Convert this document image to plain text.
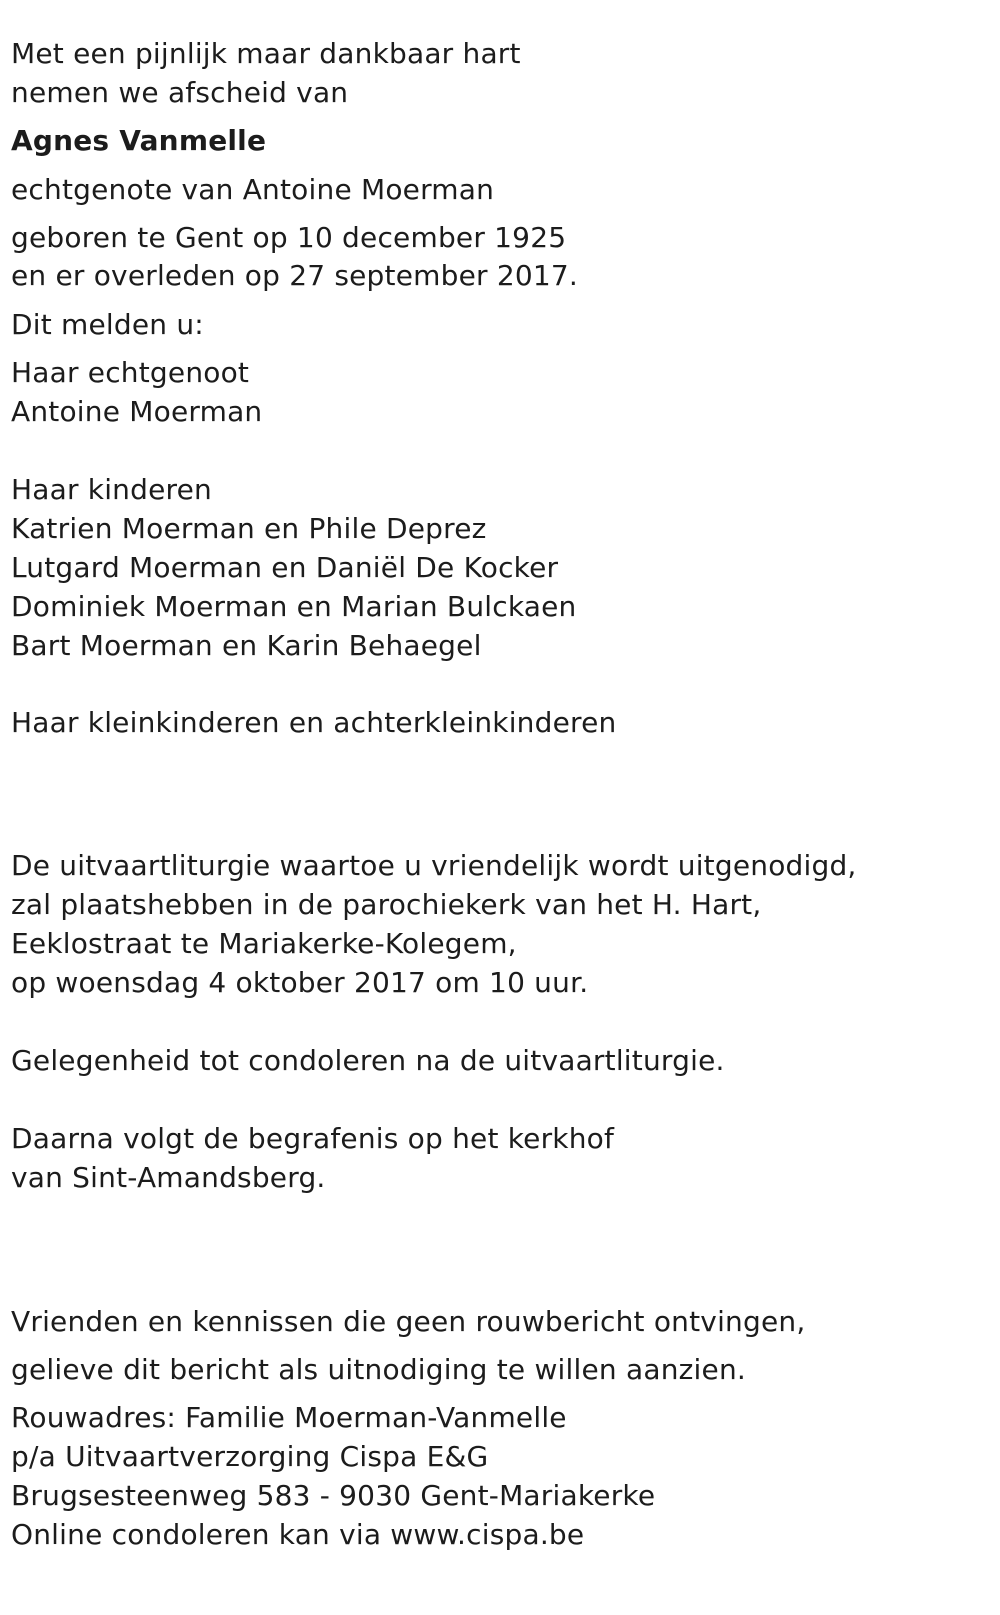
Met een pijnlijk maar dankbaar hart
nemen we afscheid van
Agnes Vanmelle
echtgenote van Antoine Moerman
geboren te Gent op 10 december 1925
en er overleden op 27 september 2017.
Dit melden u:
Haar echtgenoot
Antoine Moerman
Haar kinderen
Katrien Moerman en Phile Deprez
Lutgard Moerman en Daniël De Kocker
Dominiek Moerman en Marian Bulckaen
Bart Moerman en Karin Behaegel
Haar kleinkinderen en achterkleinkinderen
De uitvaartliturgie waartoe u vriendelijk wordt uitgenodigd,
zal plaatshebben in de parochiekerk van het H. Hart,
Eeklostraat te Mariakerke-Kolegem,
op woensdag 4 oktober 2017 om 10 uur.
Gelegenheid tot condoleren na de uitvaartliturgie.
Daarna volgt de begrafenis op het kerkhof
van Sint-Amandsberg.
Vrienden en kennissen die geen rouwbericht ontvingen,
gelieve dit bericht als uitnodiging te willen aanzien.
Rouwadres: Familie Moerman-Vanmelle
p/a Uitvaartverzorging Cispa E&G
Brugsesteenweg 583 - 9030 Gent-Mariakerke
Online condoleren kan via www.cispa.be
